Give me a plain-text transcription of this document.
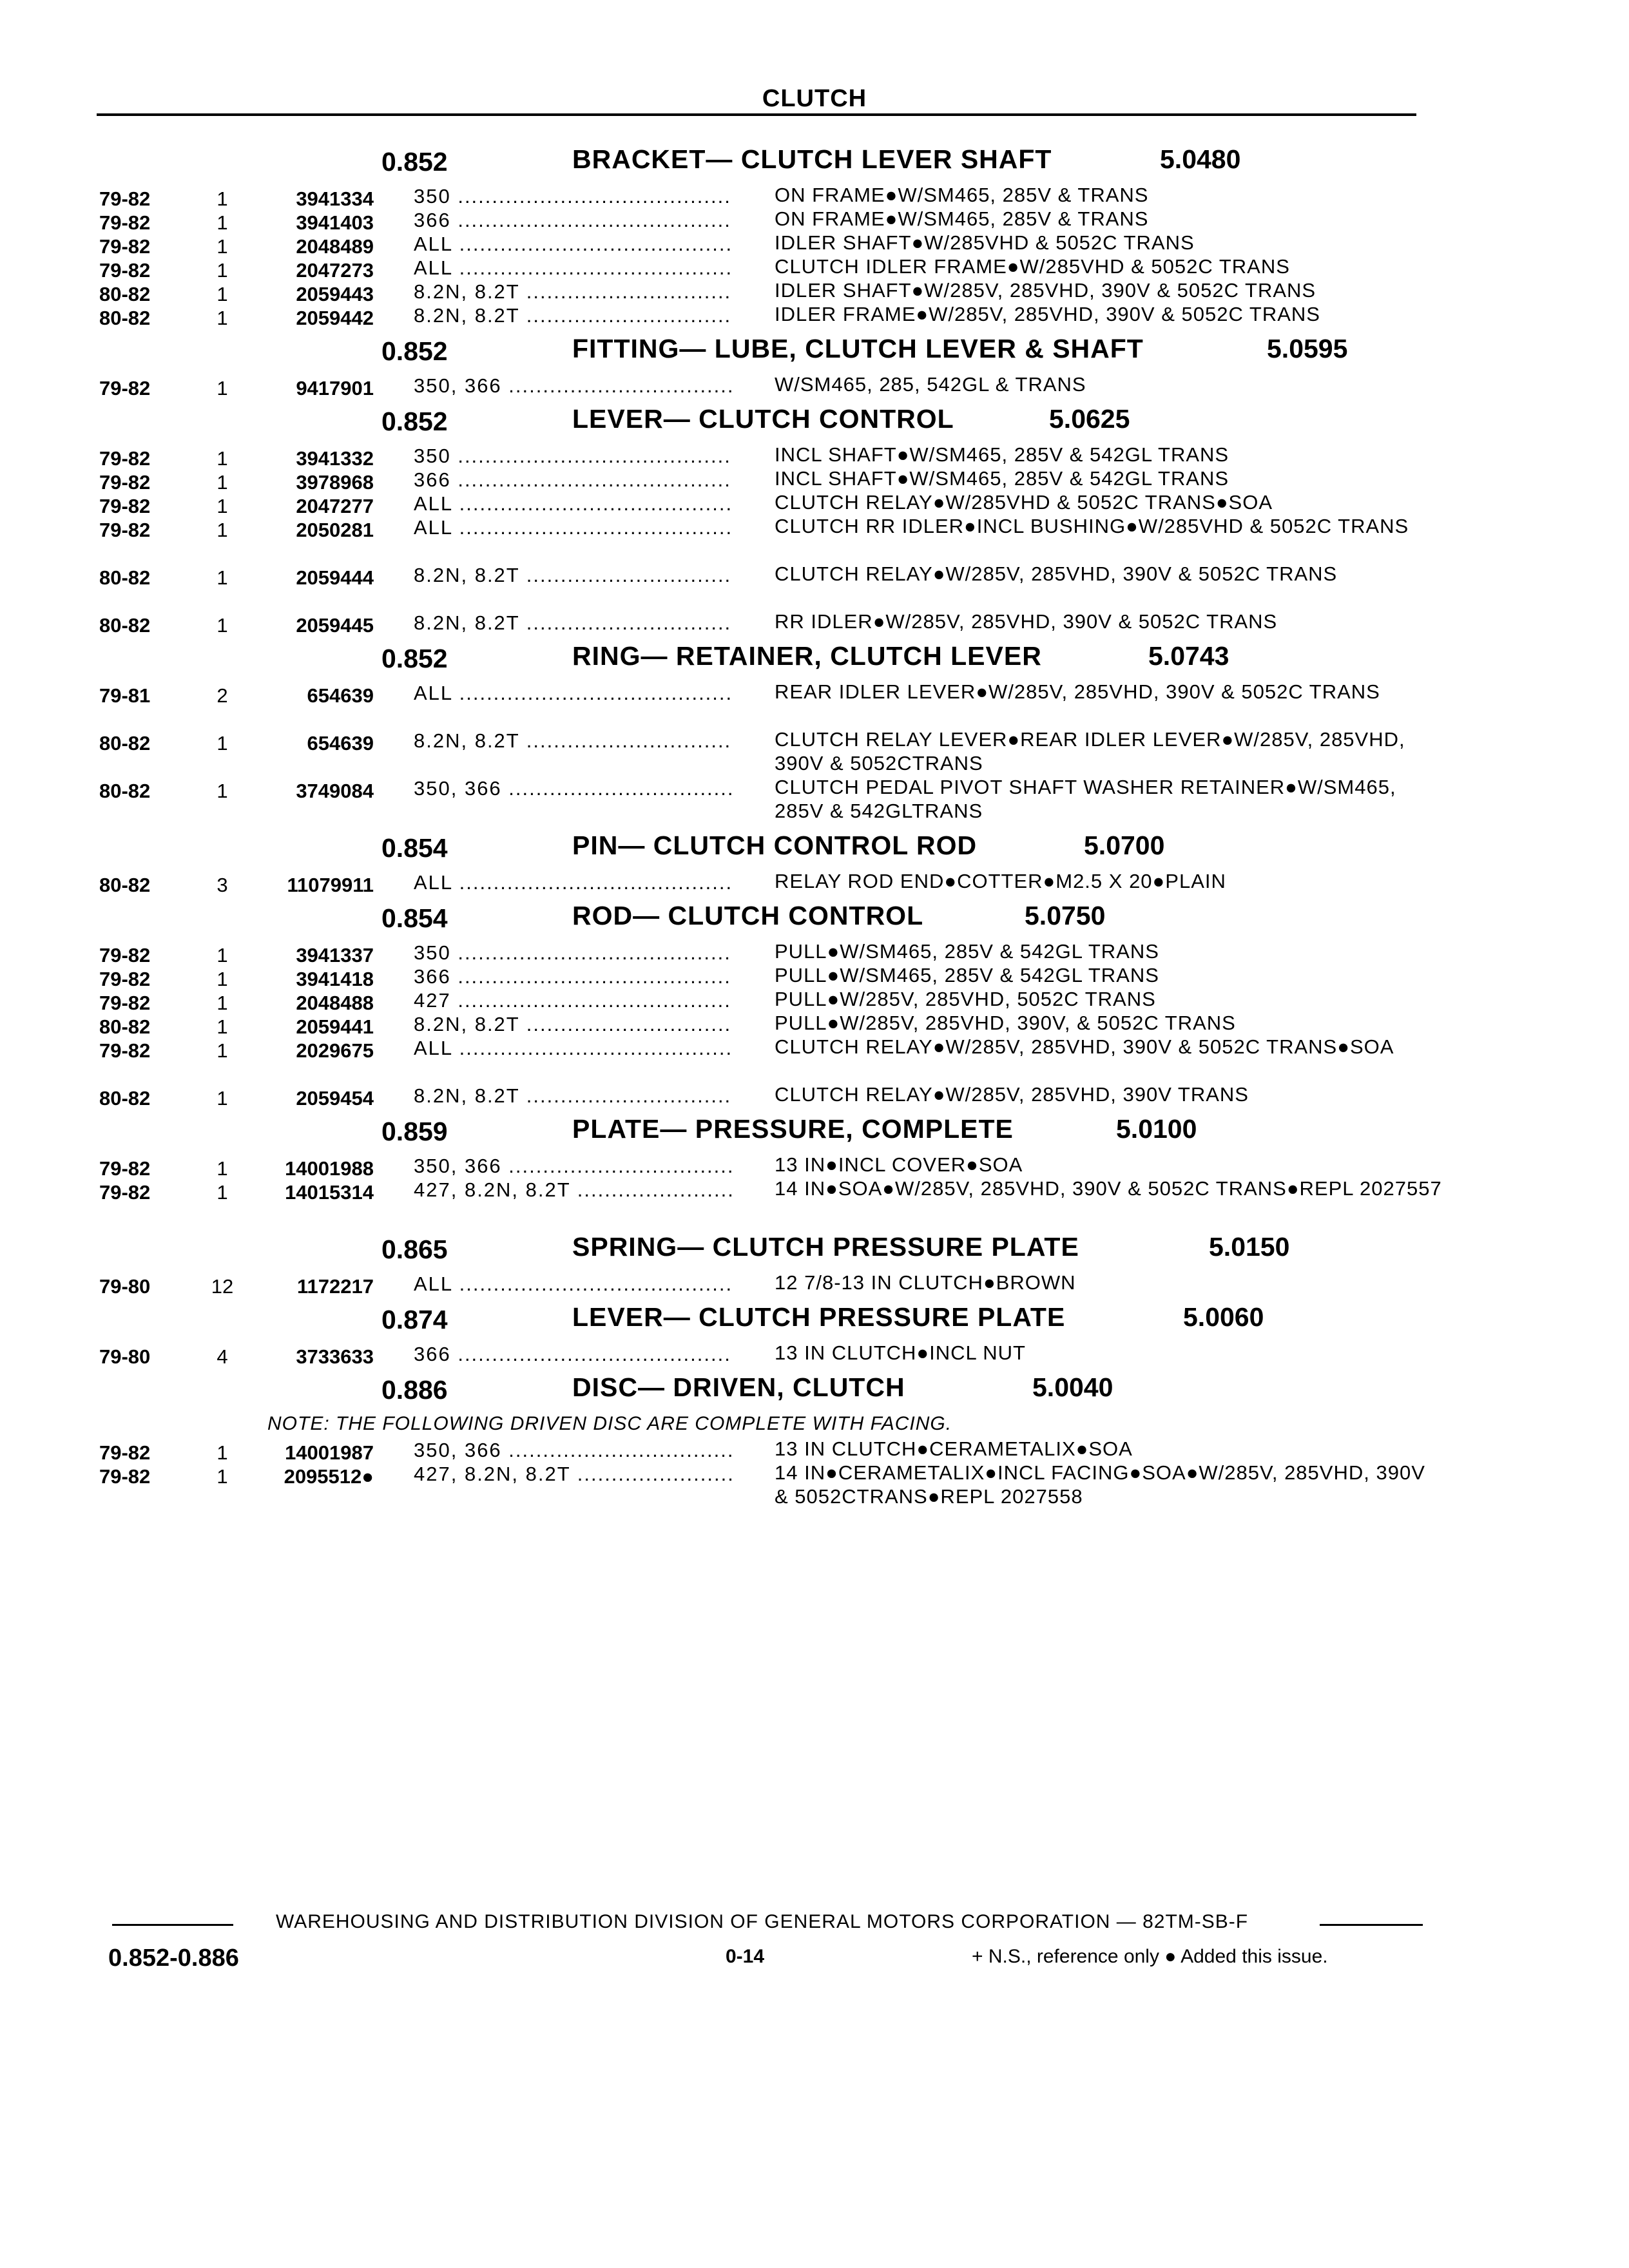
CLUTCH
0.852	BRACKET— CLUTCH LEVER SHAFT	5.0480
79-82	1	3941334 350 ........................................	ON FRAME●W/SM465, 285V & TRANS
79-82	1	3941403 366 ........................................	ON FRAME●W/SM465, 285V & TRANS
79-82	1	2048489 ALL ........................................	IDLER SHAFT●W/285VHD & 5052C TRANS
79-82	1	2047273 ALL ........................................	CLUTCH IDLER FRAME●W/285VHD & 5052C TRANS
80-82	1	2059443 8.2N, 8.2T ..............................	IDLER SHAFT●W/285V, 285VHD, 390V & 5052C TRANS
80-82	1	2059442 8.2N, 8.2T ..............................	IDLER FRAME●W/285V, 285VHD, 390V & 5052C TRANS
0.852	FITTING— LUBE, CLUTCH LEVER & SHAFT	5.0595
79-82	1	9417901 350, 366 .................................	W/SM465, 285, 542GL & TRANS
0.852	LEVER— CLUTCH CONTROL	5.0625
79-82	1	3941332 350 ........................................	INCL SHAFT●W/SM465, 285V & 542GL TRANS
79-82	1	3978968 366 ........................................	INCL SHAFT●W/SM465, 285V & 542GL TRANS
79-82	1	2047277 ALL ........................................	CLUTCH RELAY●W/285VHD & 5052C TRANS●SOA
79-82	1	2050281 ALL ........................................	CLUTCH RR IDLER●INCL BUSHING●W/285VHD & 5052C TRANS
80-82	1	2059444 8.2N, 8.2T ..............................	CLUTCH RELAY●W/285V, 285VHD, 390V & 5052C TRANS
80-82	1	2059445 8.2N, 8.2T ..............................	RR IDLER●W/285V, 285VHD, 390V & 5052C TRANS
0.852	RING— RETAINER, CLUTCH LEVER	5.0743
79-81	2	654639 ALL ........................................	REAR IDLER LEVER●W/285V, 285VHD, 390V & 5052C TRANS
80-82	1	654639 8.2N, 8.2T ..............................	CLUTCH RELAY LEVER●REAR IDLER LEVER●W/285V, 285VHD, 390V & 5052CTRANS
80-82	1	3749084 350, 366 .................................	CLUTCH PEDAL PIVOT SHAFT WASHER RETAINER●W/SM465, 285V & 542GLTRANS
0.854	PIN— CLUTCH CONTROL ROD	5.0700
80-82	3	11079911 ALL ........................................	RELAY ROD END●COTTER●M2.5 X 20●PLAIN
0.854	ROD— CLUTCH CONTROL	5.0750
79-82	1	3941337 350 ........................................	PULL●W/SM465, 285V & 542GL TRANS
79-82	1	3941418 366 ........................................	PULL●W/SM465, 285V & 542GL TRANS
79-82	1	2048488 427 ........................................	PULL●W/285V, 285VHD, 5052C TRANS
80-82	1	2059441 8.2N, 8.2T ..............................	PULL●W/285V, 285VHD, 390V, & 5052C TRANS
79-82	1	2029675 ALL ........................................	CLUTCH RELAY●W/285V, 285VHD, 390V & 5052C TRANS●SOA
80-82	1	2059454 8.2N, 8.2T ..............................	CLUTCH RELAY●W/285V, 285VHD, 390V TRANS
0.859	PLATE— PRESSURE, COMPLETE	5.0100
79-82	1	14001988 350, 366 .................................	13 IN●INCL COVER●SOA
79-82	1	14015314 427, 8.2N, 8.2T .......................	14 IN●SOA●W/285V, 285VHD, 390V & 5052C TRANS●REPL 2027557
0.865	SPRING— CLUTCH PRESSURE PLATE	5.0150
79-80	12	1172217 ALL ........................................	12 7/8-13 IN CLUTCH●BROWN
0.874	LEVER— CLUTCH PRESSURE PLATE	5.0060
79-80	4	3733633 366 ........................................	13 IN CLUTCH●INCL NUT
0.886	DISC— DRIVEN, CLUTCH	5.0040
NOTE: THE FOLLOWING DRIVEN DISC ARE COMPLETE WITH FACING.
79-82	1	14001987 350, 366 .................................	13 IN CLUTCH●CERAMETALIX●SOA
79-82	1	2095512● 427, 8.2N, 8.2T .......................	14 IN●CERAMETALIX●INCL FACING●SOA●W/285V, 285VHD, 390V & 5052CTRANS●REPL 2027558
WAREHOUSING AND DISTRIBUTION DIVISION OF GENERAL MOTORS CORPORATION — 82TM-SB-F
0.852-0.886	0-14	+ N.S., reference only ● Added this issue.
